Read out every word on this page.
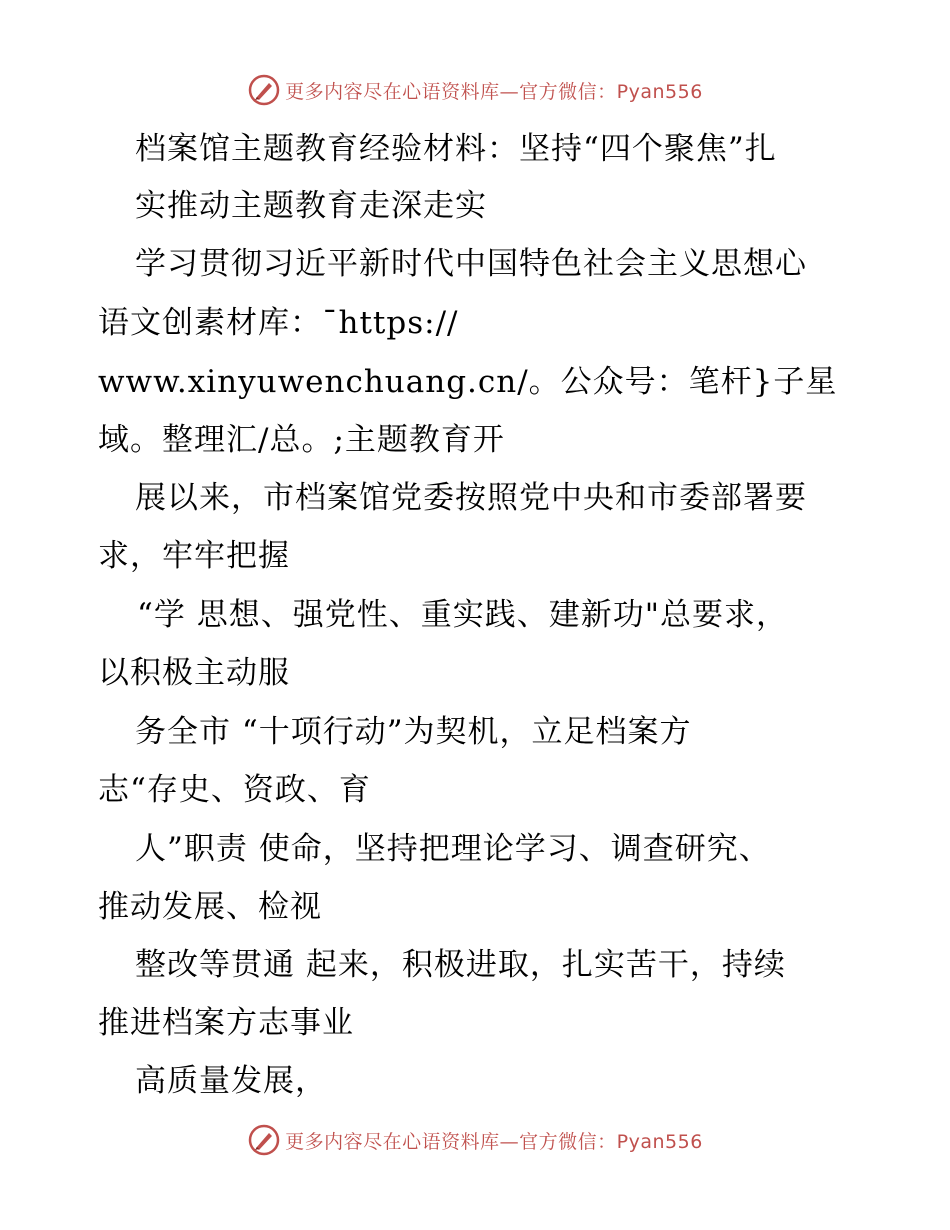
更多内容尽在心语资料库—官方微信：Pyan556
档案馆主题教育经验材料：坚持“四个聚焦”扎
实推动主题教育走深走实
学习贯彻习近平新时代中国特色社会主义思想心
语文创素材库：¯https://
www.xinyuwenchuang.cn/。公众号：笔杆}子星
域。整理汇/总。;主题教育开
展以来，市档案馆党委按照党中央和市委部署要
求，牢牢把握
“学 思想、强党性、重实践、建新功"总要求，
以积极主动服
务全市 “十项行动”为契机，立足档案方
志“存史、资政、育
人”职责 使命，坚持把理论学习、调查研究、
推动发展、检视
整改等贯通 起来，积极进取，扎实苦干，持续
推进档案方志事业
高质量发展，
更多内容尽在心语资料库—官方微信：Pyan556
